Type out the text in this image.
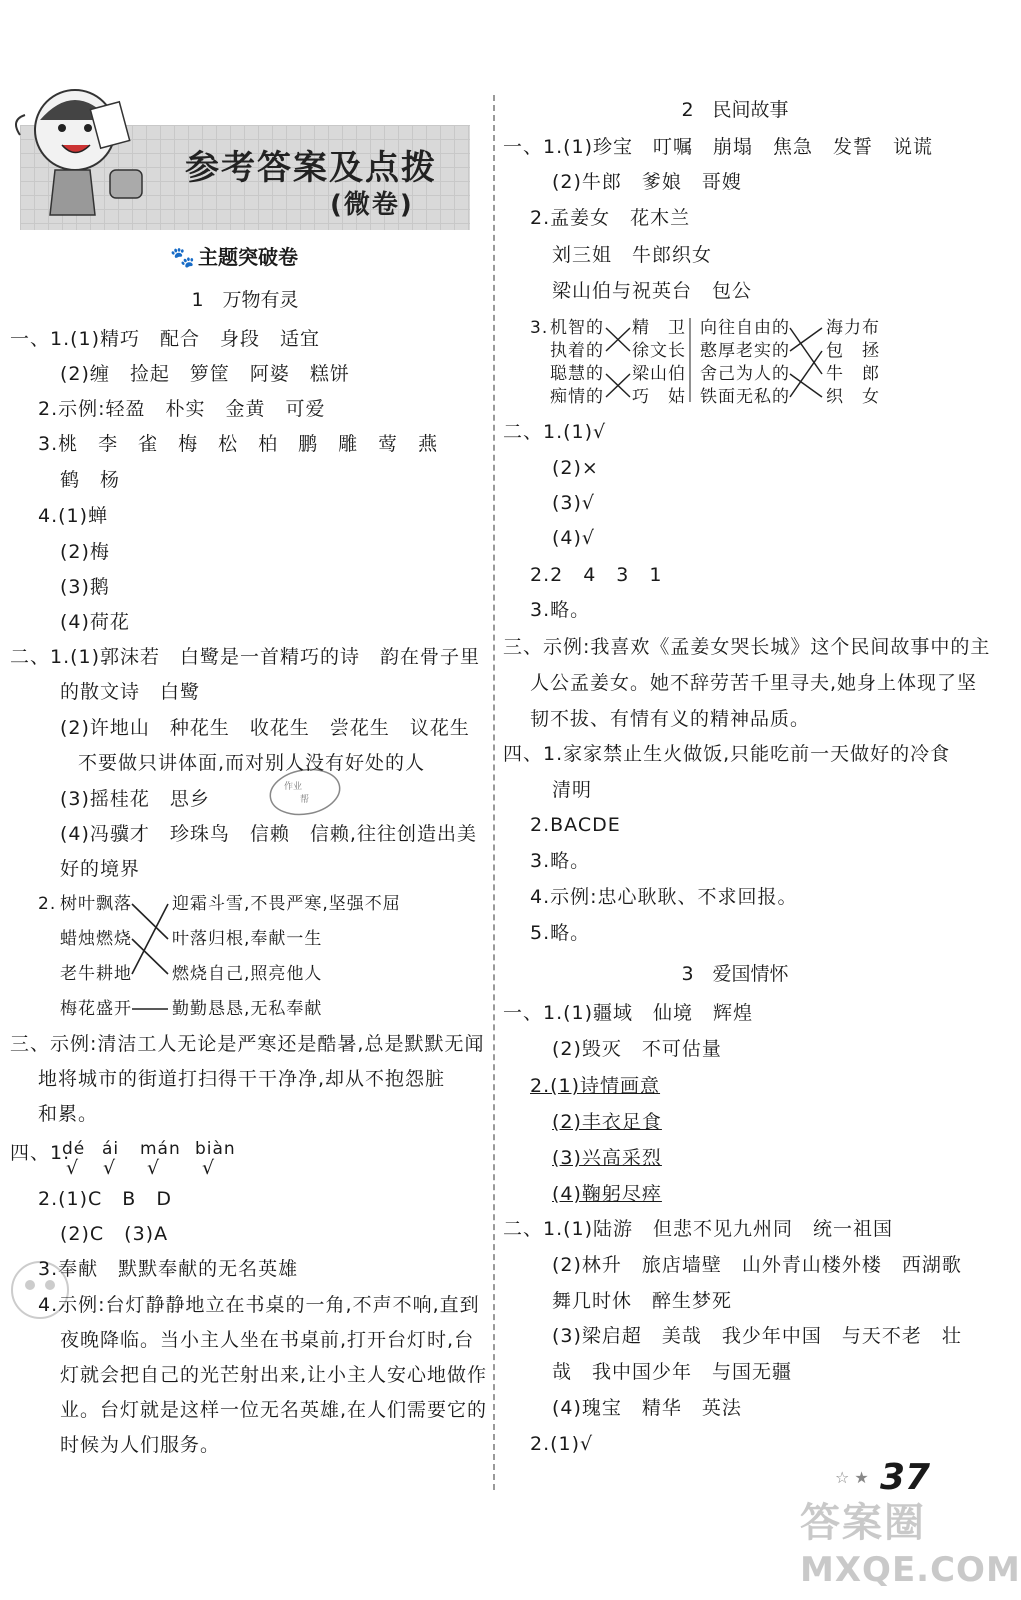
参考答案及点拨
(微卷)
🐾 主题突破卷
作业
帮
1　万物有灵
一、1.(1)精巧　配合　身段　适宜
(2)缠　捡起　箩筐　阿婆　糕饼
2.示例:轻盈　朴实　金黄　可爱
3.桃　李　雀　梅　松　柏　鹏　雕　莺　燕
鹤　杨
4.(1)蝉
(2)梅
(3)鹅
(4)荷花
二、1.(1)郭沫若　白鹭是一首精巧的诗　韵在骨子里
的散文诗　白鹭
(2)许地山　种花生　收花生　尝花生　议花生
不要做只讲体面,而对别人没有好处的人
(3)摇桂花　思乡
(4)冯骥才　珍珠鸟　信赖　信赖,往往创造出美
好的境界
2. 树叶飘落
蜡烛燃烧
老牛耕地
梅花盛开
迎霜斗雪,不畏严寒,坚强不屈
叶落归根,奉献一生
燃烧自己,照亮他人
勤勤恳恳,无私奉献
三、示例:清洁工人无论是严寒还是酷暑,总是默默无闻
地将城市的街道打扫得干干净净,却从不抱怨脏
和累。
四、1.
dé ái mán biàn
√ √ √ √
2.(1)C　B　D
(2)C　(3)A
3.奉献　默默奉献的无名英雄
4.示例:台灯静静地立在书桌的一角,不声不响,直到
夜晚降临。当小主人坐在书桌前,打开台灯时,台
灯就会把自己的光芒射出来,让小主人安心地做作
业。台灯就是这样一位无名英雄,在人们需要它的
时候为人们服务。
2　民间故事
一、1.(1)珍宝　叮嘱　崩塌　焦急　发誓　说谎
(2)牛郎　爹娘　哥嫂
2.孟姜女　花木兰
刘三姐　牛郎织女
梁山伯与祝英台　包公
3. 机智的
执着的
聪慧的
痴情的
精　卫
徐文长
梁山伯
巧　姑
向往自由的
憨厚老实的
舍己为人的
铁面无私的
海力布
包　拯
牛　郎
织　女
二、1.(1)√
(2)×
(3)√
(4)√
2.2　4　3　1
3.略。
三、示例:我喜欢《孟姜女哭长城》这个民间故事中的主
人公孟姜女。她不辞劳苦千里寻夫,她身上体现了坚
韧不拔、有情有义的精神品质。
四、1.家家禁止生火做饭,只能吃前一天做好的冷食
清明
2.BACDE
3.略。
4.示例:忠心耿耿、不求回报。
5.略。
3　爱国情怀
一、1.(1)疆域　仙境　辉煌
(2)毁灭　不可估量
2.(1)诗情画意
(2)丰衣足食
(3)兴高采烈
(4)鞠躬尽瘁
二、1.(1)陆游　但悲不见九州同　统一祖国
(2)林升　旅店墙壁　山外青山楼外楼　西湖歌
舞几时休　醉生梦死
(3)梁启超　美哉　我少年中国　与天不老　壮
哉　我中国少年　与国无疆
(4)瑰宝　精华　英法
2.(1)√
☆ ★ 37
答案圈
MXQE.COM
